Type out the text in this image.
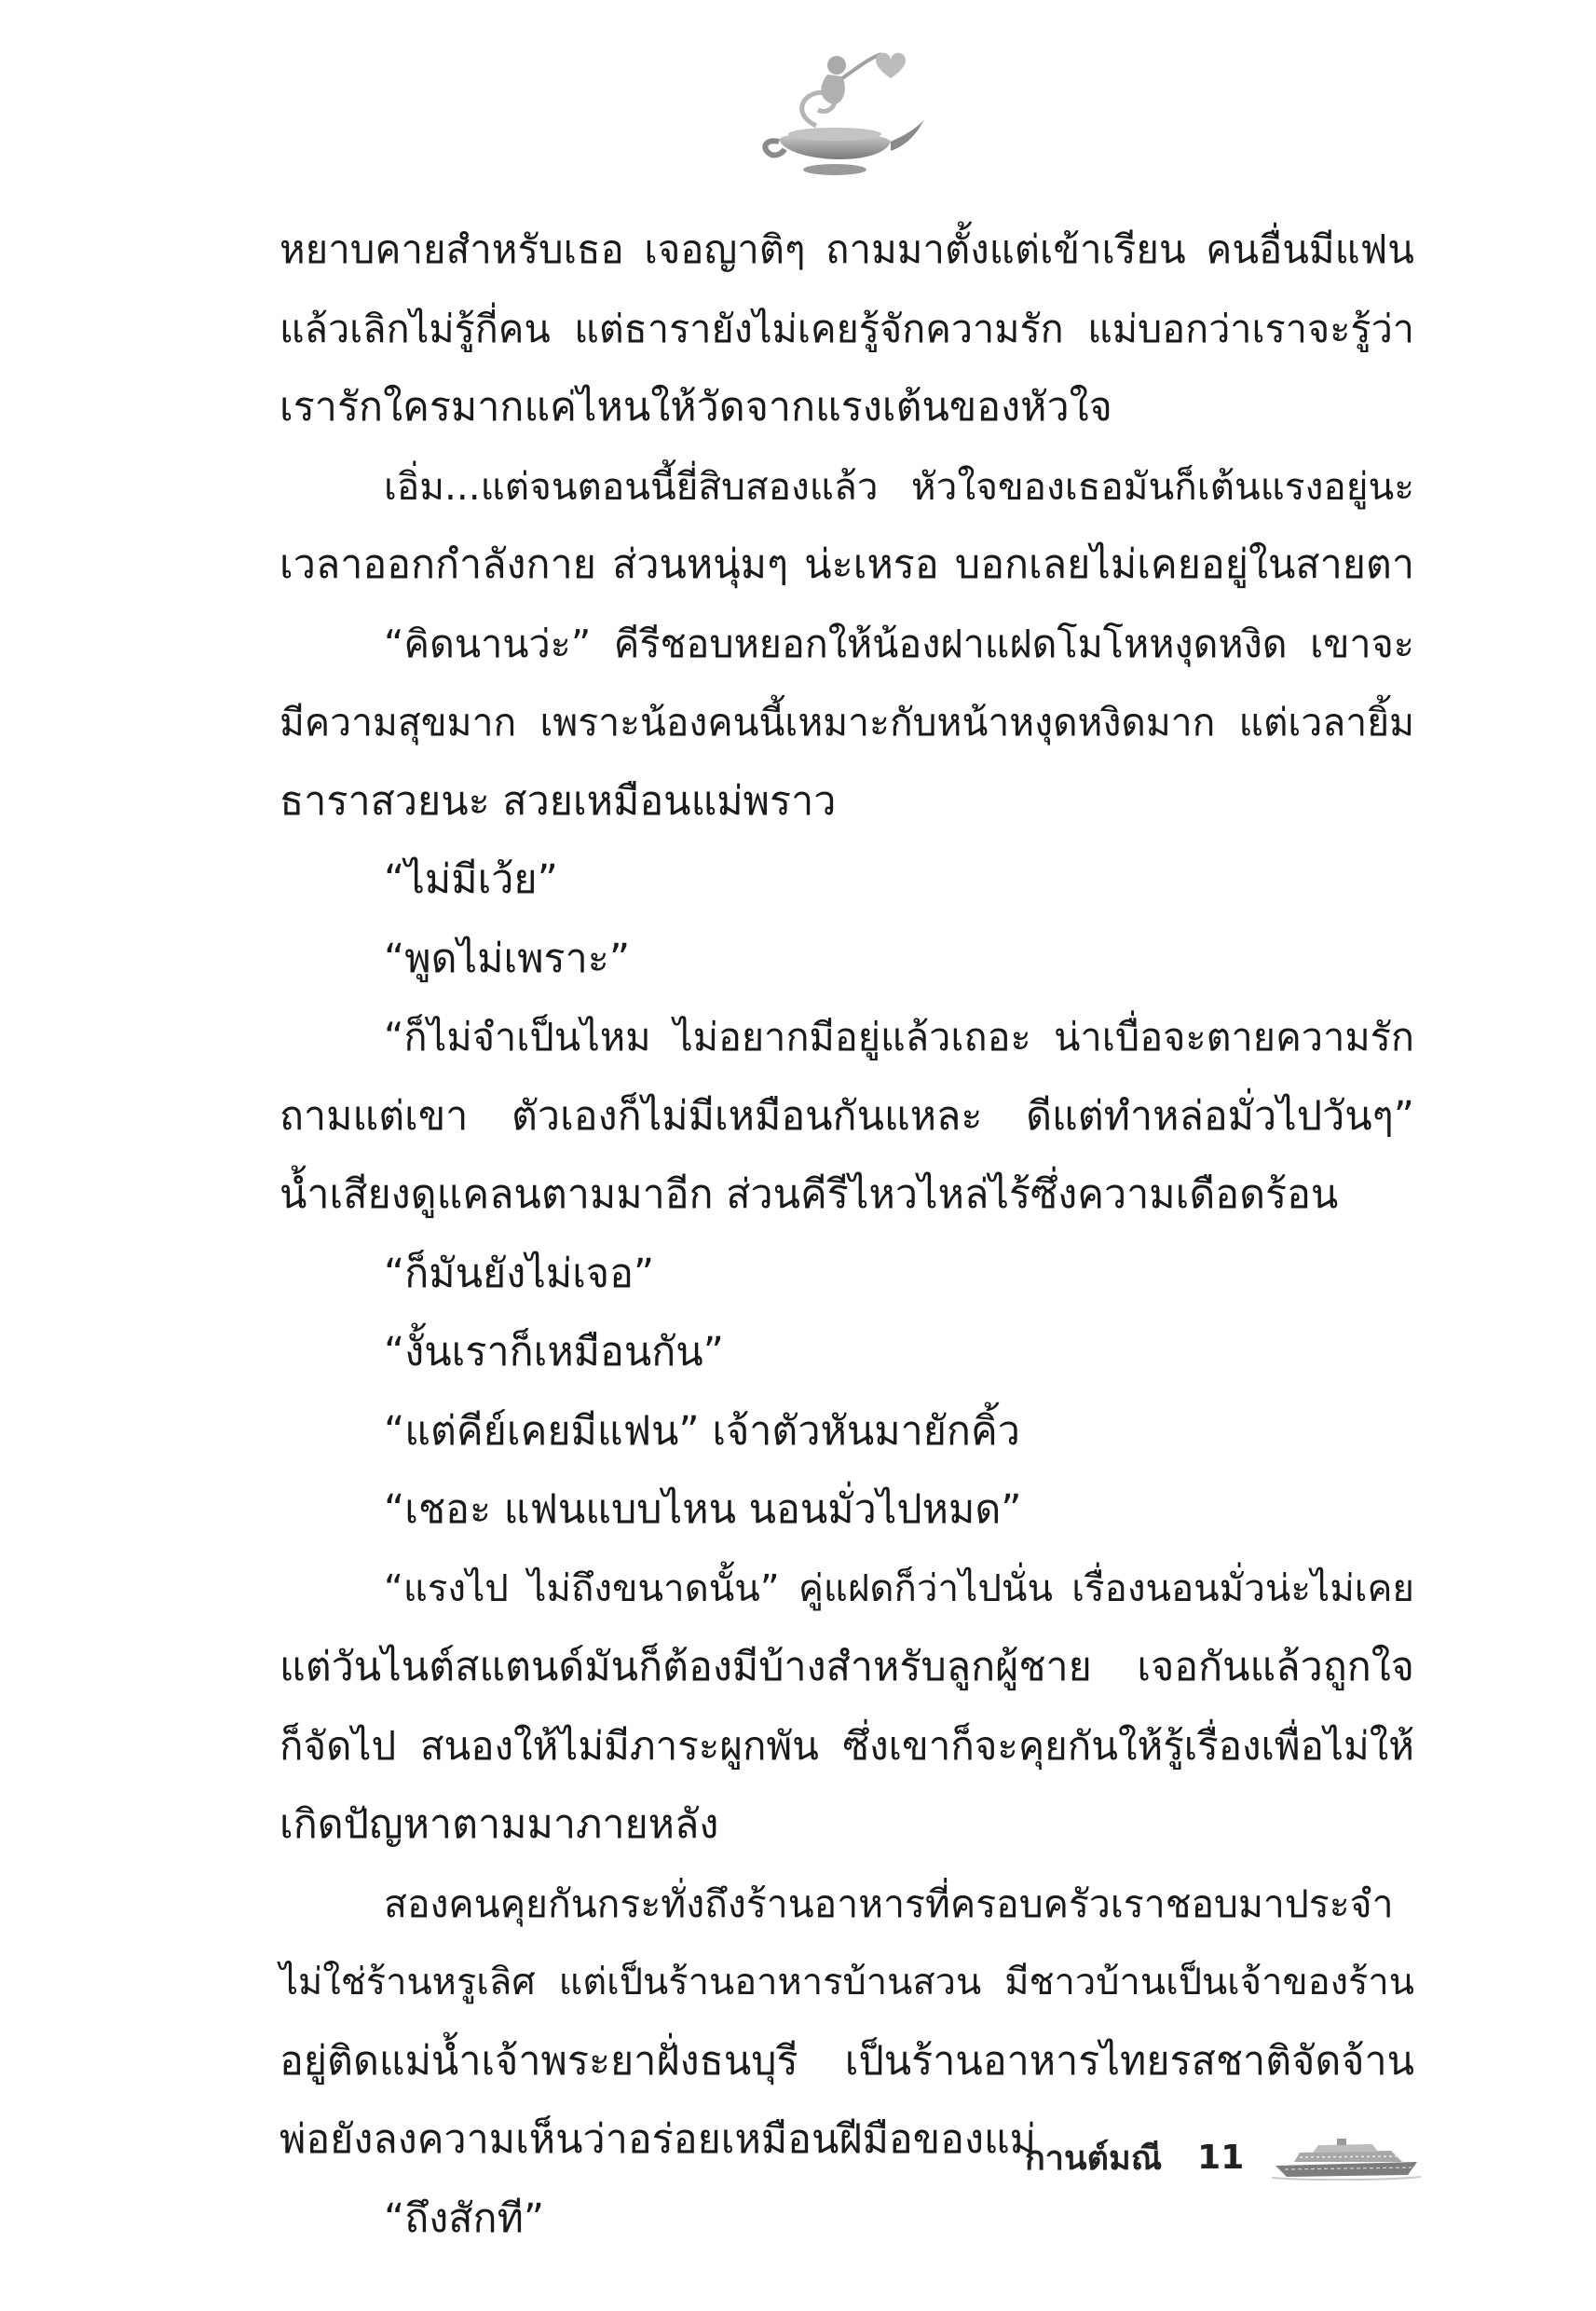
หยาบคายสำหรับเธอ เจอญาติๆ ถามมาตั้งแต่เข้าเรียน คนอื่นมีแฟน
แล้วเลิกไม่รู้กี่คน แต่ธารายังไม่เคยรู้จักความรัก แม่บอกว่าเราจะรู้ว่า
เรารักใครมากแค่ไหนให้วัดจากแรงเต้นของหัวใจ
เอิ่ม...แต่จนตอนนี้ยี่สิบสองแล้ว หัวใจของเธอมันก็เต้นแรงอยู่นะ
เวลาออกกำลังกาย ส่วนหนุ่มๆ น่ะเหรอ บอกเลยไม่เคยอยู่ในสายตา
“คิดนานว่ะ” คีรีชอบหยอกให้น้องฝาแฝดโมโหหงุดหงิด เขาจะ
มีความสุขมาก เพราะน้องคนนี้เหมาะกับหน้าหงุดหงิดมาก แต่เวลายิ้ม
ธาราสวยนะ สวยเหมือนแม่พราว
“ไม่มีเว้ย”
“พูดไม่เพราะ”
“ก็ไม่จำเป็นไหม ไม่อยากมีอยู่แล้วเถอะ น่าเบื่อจะตายความรัก
ถามแต่เขา ตัวเองก็ไม่มีเหมือนกันแหละ ดีแต่ทำหล่อมั่วไปวันๆ”
น้ำเสียงดูแคลนตามมาอีก ส่วนคีรีไหวไหล่ไร้ซึ่งความเดือดร้อน
“ก็มันยังไม่เจอ”
“งั้นเราก็เหมือนกัน”
“แต่คีย์เคยมีแฟน” เจ้าตัวหันมายักคิ้ว
“เชอะ แฟนแบบไหน นอนมั่วไปหมด”
“แรงไป ไม่ถึงขนาดนั้น” คู่แฝดก็ว่าไปนั่น เรื่องนอนมั่วน่ะไม่เคย
แต่วันไนต์สแตนด์มันก็ต้องมีบ้างสำหรับลูกผู้ชาย เจอกันแล้วถูกใจ
ก็จัดไป สนองให้ไม่มีภาระผูกพัน ซึ่งเขาก็จะคุยกันให้รู้เรื่องเพื่อไม่ให้
เกิดปัญหาตามมาภายหลัง
สองคนคุยกันกระทั่งถึงร้านอาหารที่ครอบครัวเราชอบมาประจำ
ไม่ใช่ร้านหรูเลิศ แต่เป็นร้านอาหารบ้านสวน มีชาวบ้านเป็นเจ้าของร้าน
อยู่ติดแม่น้ำเจ้าพระยาฝั่งธนบุรี เป็นร้านอาหารไทยรสชาติจัดจ้าน
พ่อยังลงความเห็นว่าอร่อยเหมือนฝีมือของแม่
“ถึงสักที”
กานต์มณี 11
